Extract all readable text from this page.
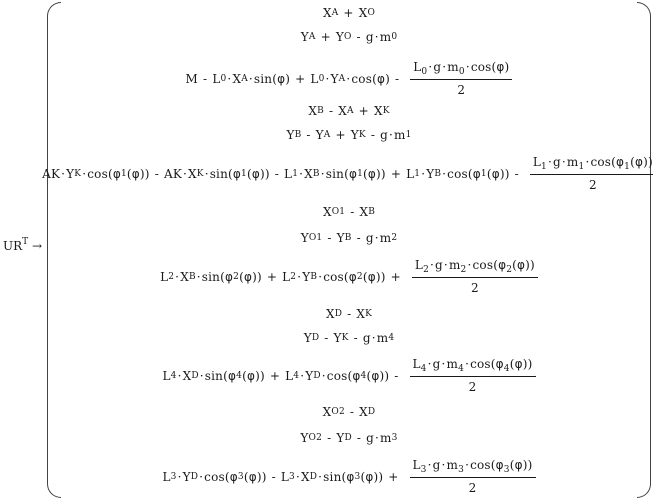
$UR^T$ →
X A + X O
Y A + Y O - g · m 0
M - L 0 · X A · sin( φ ) + L 0 · Y A · cos( φ ) - $\frac{L_0\cdot g\cdot m_0\cdot\cos(\varphi)}{2}$
X B - X A + X K
Y B - Y A + Y K - g · m 1
AK · Y K · cos( φ 1 ( φ )) - AK · X K · sin( φ 1 ( φ )) - L 1 · X B · sin( φ 1 ( φ )) + L 1 · Y B · cos( φ 1 ( φ )) - $\frac{L_1\cdot g\cdot m_1\cdot\cos(\varphi_1(\varphi))}{2}$
X O1 - X B
Y O1 - Y B - g · m 2
L 2 · X B · sin( φ 2 ( φ )) + L 2 · Y B · cos( φ 2 ( φ )) + $\frac{L_2\cdot g\cdot m_2\cdot\cos(\varphi_2(\varphi))}{2}$
X D - X K
Y D - Y K - g · m 4
L 4 · X D · sin( φ 4 ( φ )) + L 4 · Y D · cos( φ 4 ( φ )) - $\frac{L_4\cdot g\cdot m_4\cdot\cos(\varphi_4(\varphi))}{2}$
X O2 - X D
Y O2 - Y D - g · m 3
L 3 · Y D · cos( φ 3 ( φ )) - L 3 · X D · sin( φ 3 ( φ )) + $\frac{L_3\cdot g\cdot m_3\cdot\cos(\varphi_3(\varphi))}{2}$
